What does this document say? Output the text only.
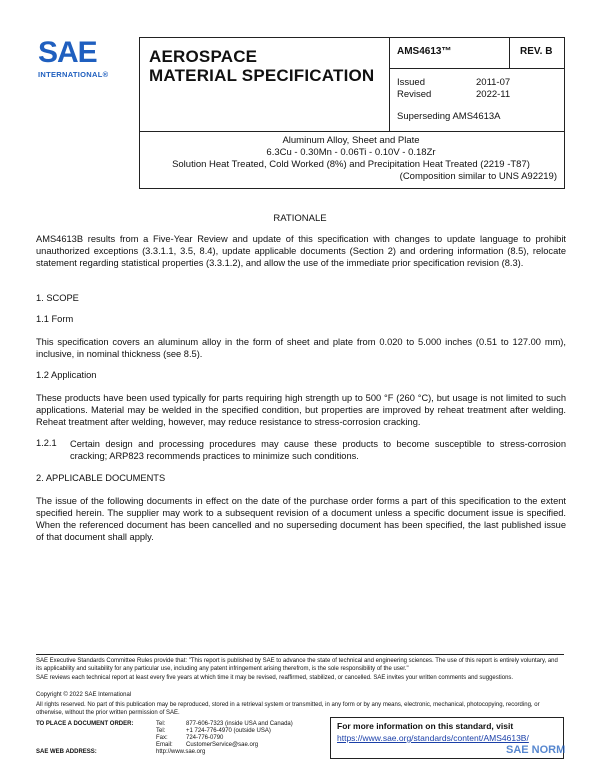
SAE
INTERNATIONAL®
AEROSPACE
MATERIAL SPECIFICATION
AMS4613™	REV. B
Issued	2011-07
Revised	2022-11
Superseding AMS4613A
Aluminum Alloy, Sheet and Plate
6.3Cu - 0.30Mn - 0.06Ti - 0.10V - 0.18Zr
Solution Heat Treated, Cold Worked (8%) and Precipitation Heat Treated (2219 -T87)
(Composition similar to UNS A92219)
RATIONALE
AMS4613B results from a Five-Year Review and update of this specification with changes to update language to prohibit unauthorized exceptions (3.3.1.1, 3.5, 8.4), update applicable documents (Section 2) and ordering information (8.5), relocate statement regarding statistical properties (3.3.1.2), and allow the use of the immediate prior specification revision (8.3).
1. SCOPE
1.1 Form
This specification covers an aluminum alloy in the form of sheet and plate from 0.020 to 5.000 inches (0.51 to 127.00 mm), inclusive, in nominal thickness (see 8.5).
1.2 Application
These products have been used typically for parts requiring high strength up to 500 °F (260 °C), but usage is not limited to such applications. Material may be welded in the specified condition, but properties are improved by reheat treatment after welding. Reheat treatment after welding, however, may reduce resistance to stress-corrosion cracking.
1.2.1 Certain design and processing procedures may cause these products to become susceptible to stress-corrosion cracking; ARP823 recommends practices to minimize such conditions.
2. APPLICABLE DOCUMENTS
The issue of the following documents in effect on the date of the purchase order forms a part of this specification to the extent specified herein. The supplier may work to a subsequent revision of a document unless a specific document issue is specified. When the referenced document has been cancelled and no superseding document has been specified, the last published issue of that document shall apply.
SAE Executive Standards Committee Rules provide that: "This report is published by SAE to advance the state of technical and engineering sciences. The use of this report is entirely voluntary, and its applicability and suitability for any particular use, including any patent infringement arising therefrom, is the sole responsibility of the user."
SAE reviews each technical report at least every five years at which time it may be revised, reaffirmed, stabilized, or cancelled. SAE invites your written comments and suggestions.
Copyright © 2022 SAE International
All rights reserved. No part of this publication may be reproduced, stored in a retrieval system or transmitted, in any form or by any means, electronic, mechanical, photocopying, recording, or otherwise, without the prior written permission of SAE.
TO PLACE A DOCUMENT ORDER:	Tel:	877-606-7323 (inside USA and Canada)
	Tel:	+1 724-776-4970 (outside USA)
	Fax:	724-776-0790
	Email:	CustomerService@sae.org
SAE WEB ADDRESS:	http://www.sae.org	
For more information on this standard, visit
https://www.sae.org/standards/content/AMS4613B/
SAE NORM
